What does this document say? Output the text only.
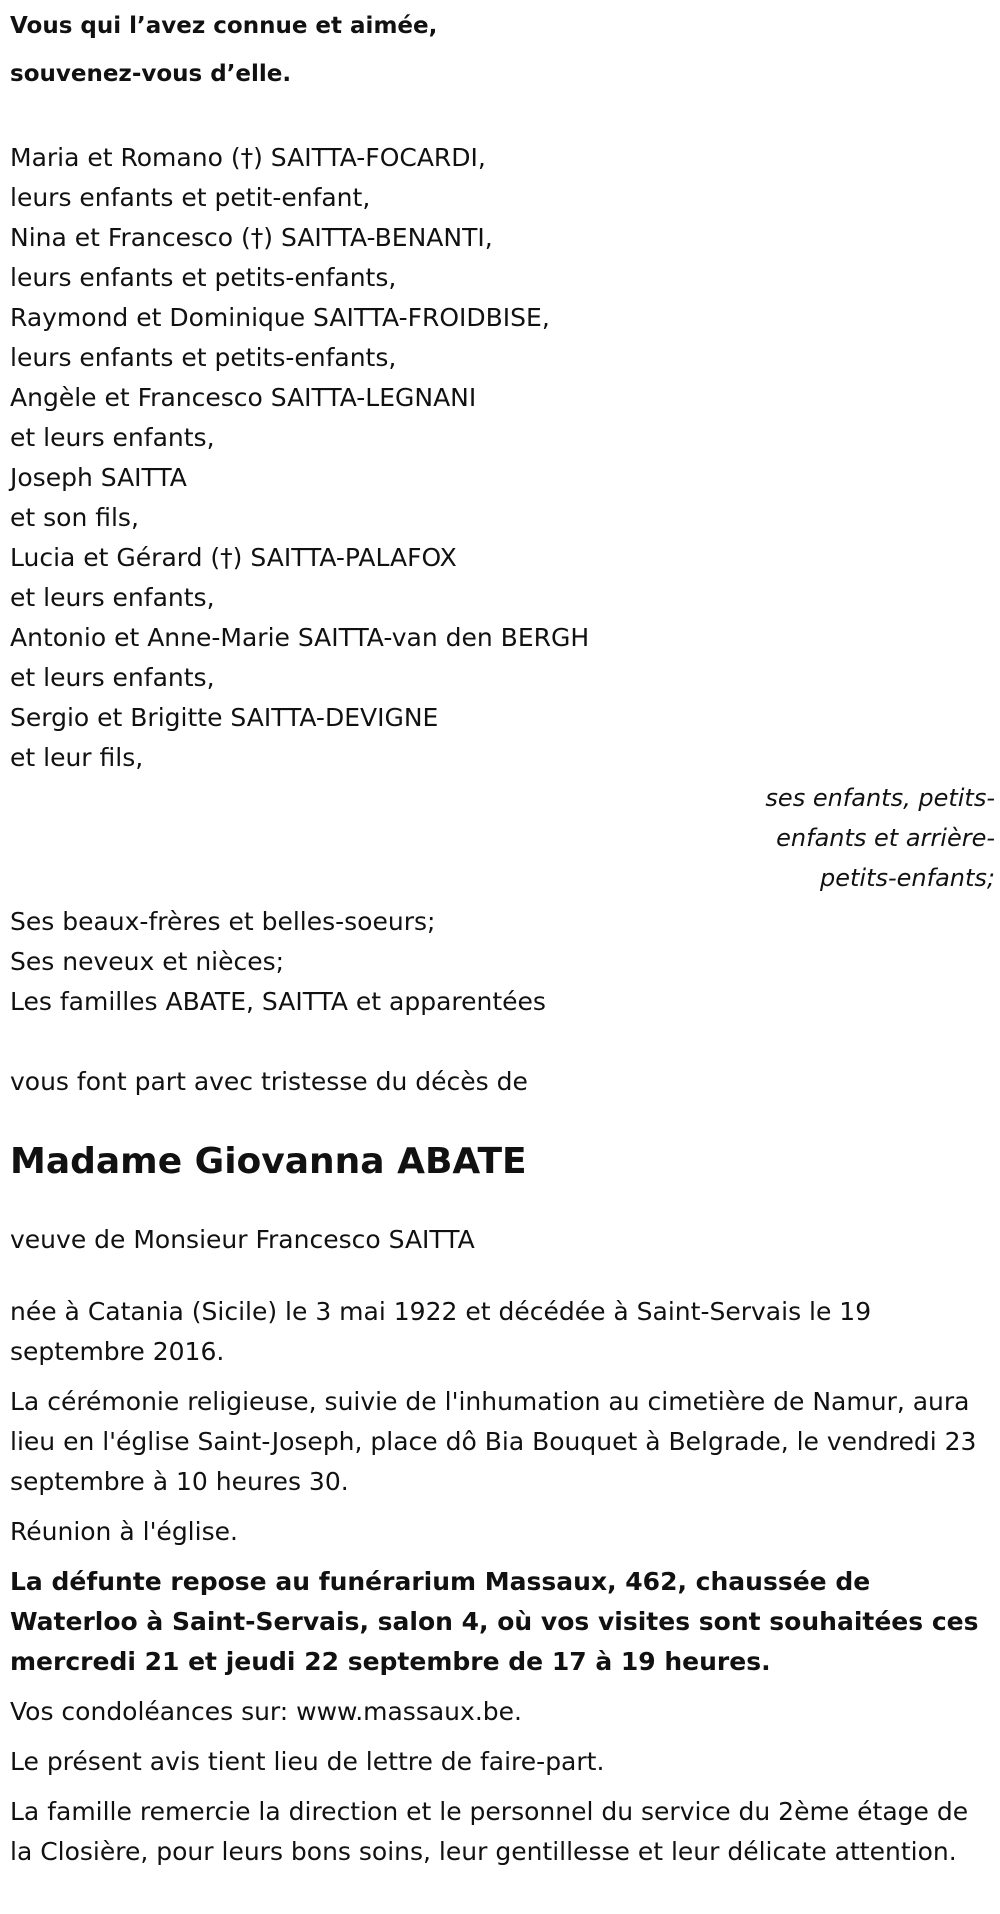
Vous qui l’avez connue et aimée,
souvenez-vous d’elle.
Maria et Romano (†) SAITTA-FOCARDI,
leurs enfants et petit-enfant,
Nina et Francesco (†) SAITTA-BENANTI,
leurs enfants et petits-enfants,
Raymond et Dominique SAITTA-FROIDBISE,
leurs enfants et petits-enfants,
Angèle et Francesco SAITTA-LEGNANI
et leurs enfants,
Joseph SAITTA
et son fils,
Lucia et Gérard (†) SAITTA-PALAFOX
et leurs enfants,
Antonio et Anne-Marie SAITTA-van den BERGH
et leurs enfants,
Sergio et Brigitte SAITTA-DEVIGNE
et leur fils,
ses enfants, petits-
enfants et arrière-
petits-enfants;
Ses beaux-frères et belles-soeurs;
Ses neveux et nièces;
Les familles ABATE, SAITTA et apparentées
vous font part avec tristesse du décès de
Madame Giovanna ABATE
veuve de Monsieur Francesco SAITTA
née à Catania (Sicile) le 3 mai 1922 et décédée à Saint-Servais le 19 septembre 2016.
La cérémonie religieuse, suivie de l'inhumation au cimetière de Namur, aura lieu en l'église Saint-Joseph, place dô Bia Bouquet à Belgrade, le vendredi 23 septembre à 10 heures 30.
Réunion à l'église.
La défunte repose au funérarium Massaux, 462, chaussée de Waterloo à Saint-Servais, salon 4, où vos visites sont souhaitées ces mercredi 21 et jeudi 22 septembre de 17 à 19 heures.
Vos condoléances sur: www.massaux.be.
Le présent avis tient lieu de lettre de faire-part.
La famille remercie la direction et le personnel du service du 2ème étage de la Closière, pour leurs bons soins, leur gentillesse et leur délicate attention.
